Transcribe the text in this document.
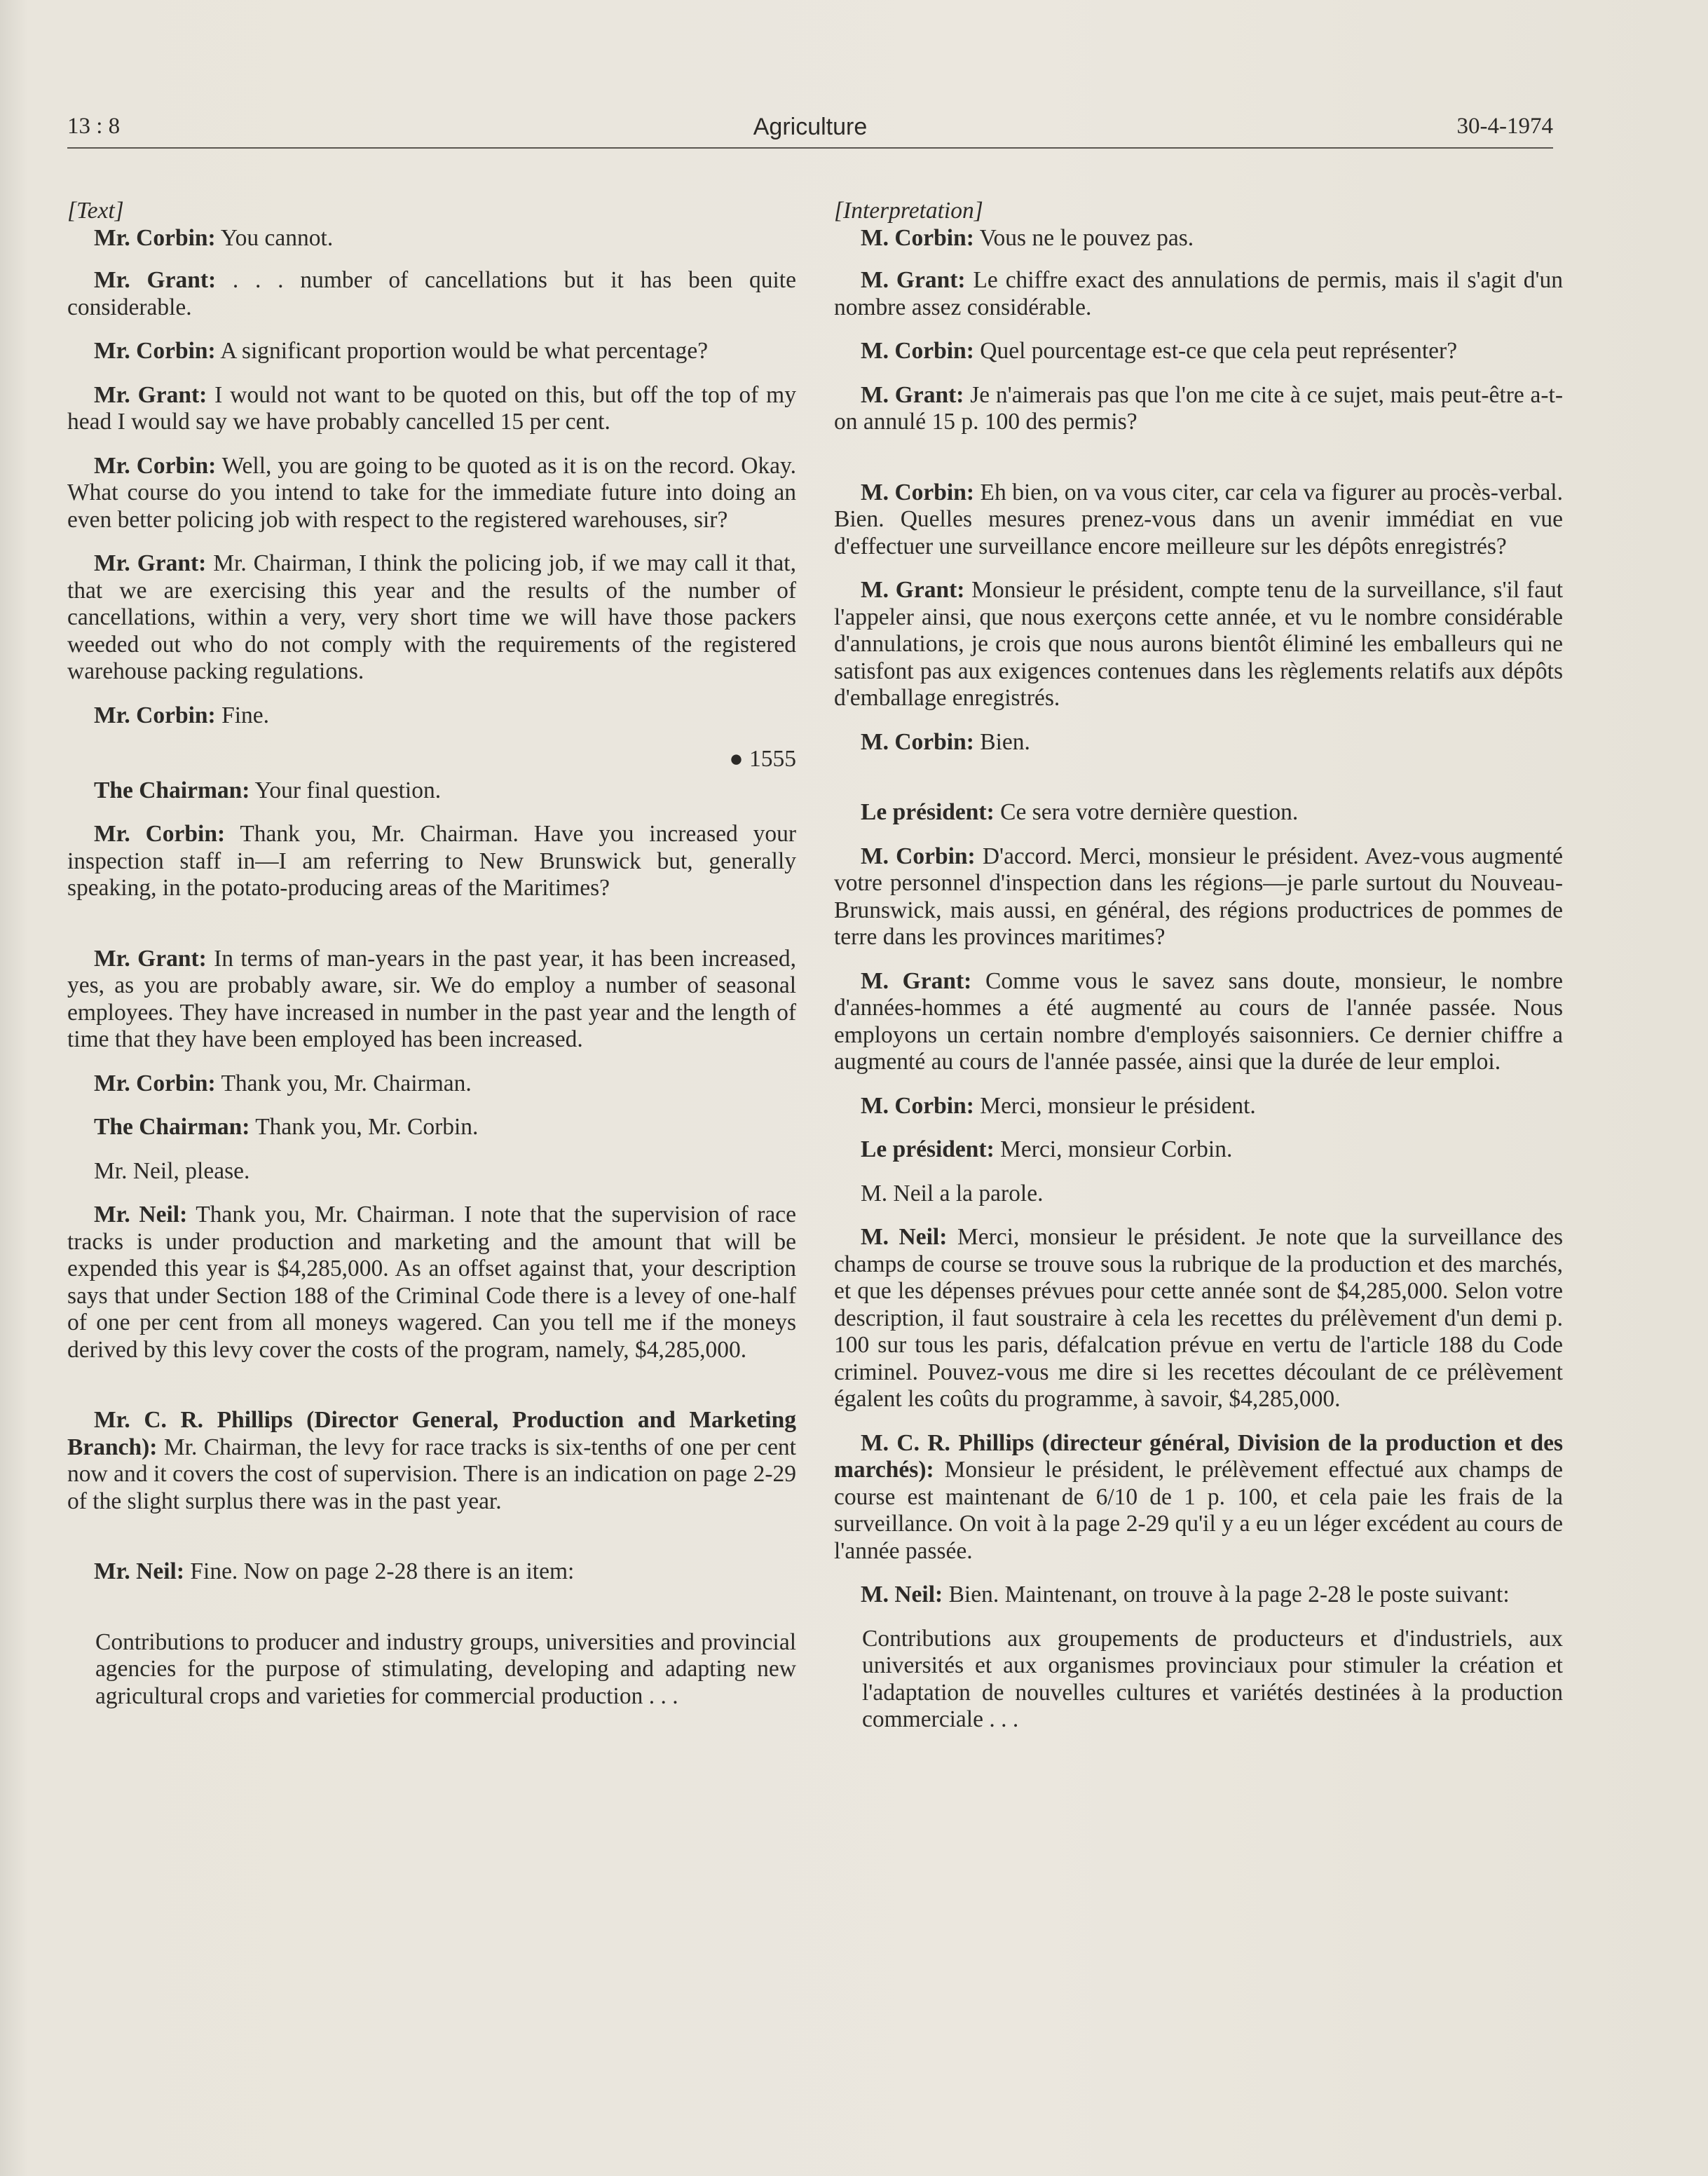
13 : 8	Agriculture	30-4-1974

[Text]

Mr. Corbin: You cannot.

Mr. Grant: . . . number of cancellations but it has been quite considerable.

Mr. Corbin: A significant proportion would be what percentage?

Mr. Grant: I would not want to be quoted on this, but off the top of my head I would say we have probably cancelled 15 per cent.

Mr. Corbin: Well, you are going to be quoted as it is on the record. Okay. What course do you intend to take for the immediate future into doing an even better policing job with respect to the registered warehouses, sir?

Mr. Grant: Mr. Chairman, I think the policing job, if we may call it that, that we are exercising this year and the results of the number of cancellations, within a very, very short time we will have those packers weeded out who do not comply with the requirements of the registered warehouse packing regulations.

Mr. Corbin: Fine.

● 1555

The Chairman: Your final question.

Mr. Corbin: Thank you, Mr. Chairman. Have you increased your inspection staff in—I am referring to New Brunswick but, generally speaking, in the potato-producing areas of the Maritimes?

Mr. Grant: In terms of man-years in the past year, it has been increased, yes, as you are probably aware, sir. We do employ a number of seasonal employees. They have increased in number in the past year and the length of time that they have been employed has been increased.

Mr. Corbin: Thank you, Mr. Chairman.

The Chairman: Thank you, Mr. Corbin.

Mr. Neil, please.

Mr. Neil: Thank you, Mr. Chairman. I note that the supervision of race tracks is under production and marketing and the amount that will be expended this year is $4,285,000. As an offset against that, your description says that under Section 188 of the Criminal Code there is a levey of one-half of one per cent from all moneys wagered. Can you tell me if the moneys derived by this levy cover the costs of the program, namely, $4,285,000.

Mr. C. R. Phillips (Director General, Production and Marketing Branch): Mr. Chairman, the levy for race tracks is six-tenths of one per cent now and it covers the cost of supervision. There is an indication on page 2-29 of the slight surplus there was in the past year.

Mr. Neil: Fine. Now on page 2-28 there is an item:

Contributions to producer and industry groups, universities and provincial agencies for the purpose of stimulating, developing and adapting new agricultural crops and varieties for commercial production . . .

[Interpretation]

M. Corbin: Vous ne le pouvez pas.

M. Grant: Le chiffre exact des annulations de permis, mais il s'agit d'un nombre assez considérable.

M. Corbin: Quel pourcentage est-ce que cela peut représenter?

M. Grant: Je n'aimerais pas que l'on me cite à ce sujet, mais peut-être a-t-on annulé 15 p. 100 des permis?

M. Corbin: Eh bien, on va vous citer, car cela va figurer au procès-verbal. Bien. Quelles mesures prenez-vous dans un avenir immédiat en vue d'effectuer une surveillance encore meilleure sur les dépôts enregistrés?

M. Grant: Monsieur le président, compte tenu de la surveillance, s'il faut l'appeler ainsi, que nous exerçons cette année, et vu le nombre considérable d'annulations, je crois que nous aurons bientôt éliminé les emballeurs qui ne satisfont pas aux exigences contenues dans les règlements relatifs aux dépôts d'emballage enregistrés.

M. Corbin: Bien.

Le président: Ce sera votre dernière question.

M. Corbin: D'accord. Merci, monsieur le président. Avez-vous augmenté votre personnel d'inspection dans les régions—je parle surtout du Nouveau-Brunswick, mais aussi, en général, des régions productrices de pommes de terre dans les provinces maritimes?

M. Grant: Comme vous le savez sans doute, monsieur, le nombre d'années-hommes a été augmenté au cours de l'année passée. Nous employons un certain nombre d'employés saisonniers. Ce dernier chiffre a augmenté au cours de l'année passée, ainsi que la durée de leur emploi.

M. Corbin: Merci, monsieur le président.

Le président: Merci, monsieur Corbin.

M. Neil a la parole.

M. Neil: Merci, monsieur le président. Je note que la surveillance des champs de course se trouve sous la rubrique de la production et des marchés, et que les dépenses prévues pour cette année sont de $4,285,000. Selon votre description, il faut soustraire à cela les recettes du prélèvement d'un demi p. 100 sur tous les paris, défalcation prévue en vertu de l'article 188 du Code criminel. Pouvez-vous me dire si les recettes découlant de ce prélèvement égalent les coûts du programme, à savoir, $4,285,000.

M. C. R. Phillips (directeur général, Division de la production et des marchés): Monsieur le président, le prélèvement effectué aux champs de course est maintenant de 6/10 de 1 p. 100, et cela paie les frais de la surveillance. On voit à la page 2-29 qu'il y a eu un léger excédent au cours de l'année passée.

M. Neil: Bien. Maintenant, on trouve à la page 2-28 le poste suivant:

Contributions aux groupements de producteurs et d'industriels, aux universités et aux organismes provinciaux pour stimuler la création et l'adaptation de nouvelles cultures et variétés destinées à la production commerciale . . .
